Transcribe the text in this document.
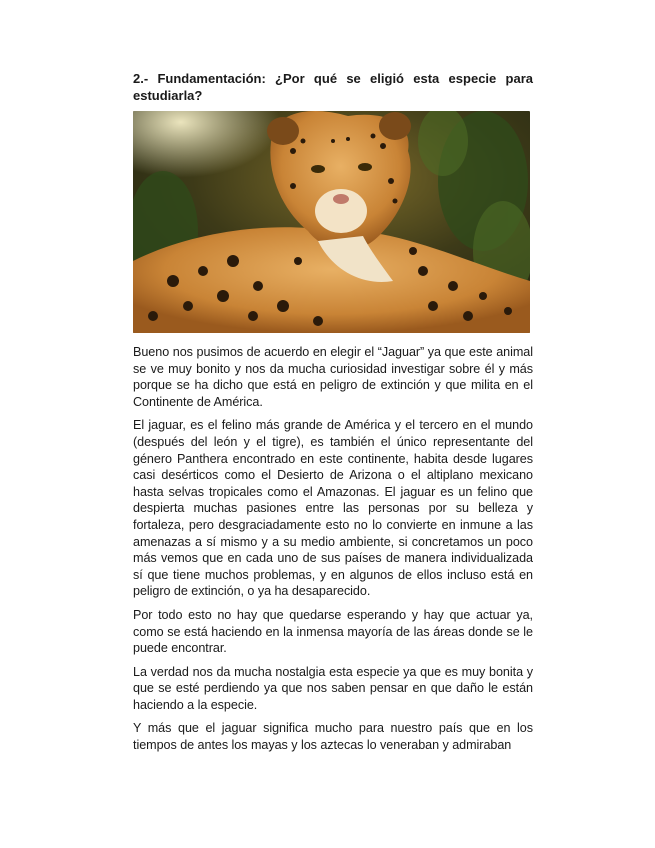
2.- Fundamentación: ¿Por qué se eligió esta especie para estudiarla?

Bueno nos pusimos de acuerdo en elegir el “Jaguar” ya que este animal se ve muy bonito y nos da mucha curiosidad investigar sobre él y más porque se ha dicho que está en peligro de extinción y que milita en el Continente de América.

El jaguar, es el felino más grande de América y el tercero en el mundo (después del león y el tigre), es también el único representante del género Panthera encontrado en este continente, habita desde lugares casi desérticos como el Desierto de Arizona o el altiplano mexicano hasta selvas tropicales como el Amazonas. El jaguar es un felino que despierta muchas pasiones entre las personas por su belleza y fortaleza, pero desgraciadamente esto no lo convierte en inmune a las amenazas a sí mismo y a su medio ambiente, si concretamos un poco más vemos que en cada uno de sus países de manera individualizada sí que tiene muchos problemas, y en algunos de ellos incluso está en peligro de extinción, o ya ha desaparecido.

Por todo esto no hay que quedarse esperando y hay que actuar ya, como se está haciendo en la inmensa mayoría de las áreas donde se le puede encontrar.

La verdad nos da mucha nostalgia esta especie ya que es muy bonita y que se esté perdiendo ya que nos saben pensar en que daño le están haciendo a la especie.

Y más que el jaguar significa mucho para nuestro país que en los tiempos de antes los mayas y los aztecas lo veneraban y admiraban
